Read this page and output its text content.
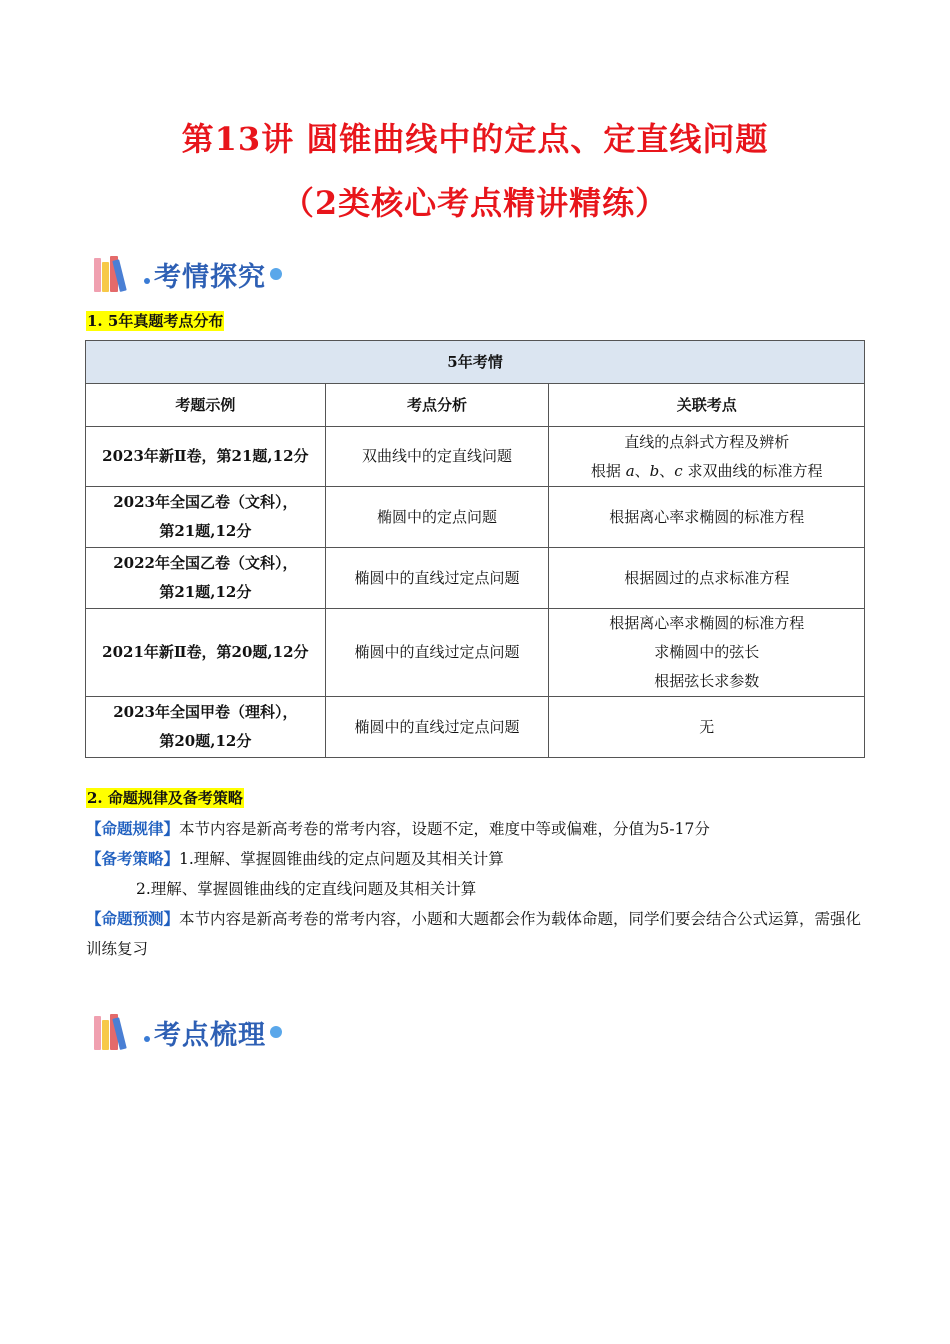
第13讲 圆锥曲线中的定点、定直线问题
（2类核心考点精讲精练）
考情探究
1. 5年真题考点分布
5年考情		
考题示例	考点分析	关联考点
2023年新Ⅱ卷，第21题,12分	双曲线中的定直线问题	直线的点斜式方程及辨析
根据 a、b、c 求双曲线的标准方程

2023年全国乙卷（文科），
第21题,12分	椭圆中的定点问题	根据离心率求椭圆的标准方程

2022年全国乙卷（文科），
第21题,12分	椭圆中的直线过定点问题	根据圆过的点求标准方程
2021年新Ⅱ卷，第20题,12分	椭圆中的直线过定点问题	根据离心率求椭圆的标准方程
求椭圆中的弦长
根据弦长求参数

2023年全国甲卷（理科），
第20题,12分	椭圆中的直线过定点问题	无
2. 命题规律及备考策略
【命题规律】本节内容是新高考卷的常考内容，设题不定，难度中等或偏难，分值为5-17分
【备考策略】1.理解、掌握圆锥曲线的定点问题及其相关计算
2.理解、掌握圆锥曲线的定直线问题及其相关计算
【命题预测】本节内容是新高考卷的常考内容，小题和大题都会作为载体命题，同学们要会结合公式运算，需强化训练复习
考点梳理
